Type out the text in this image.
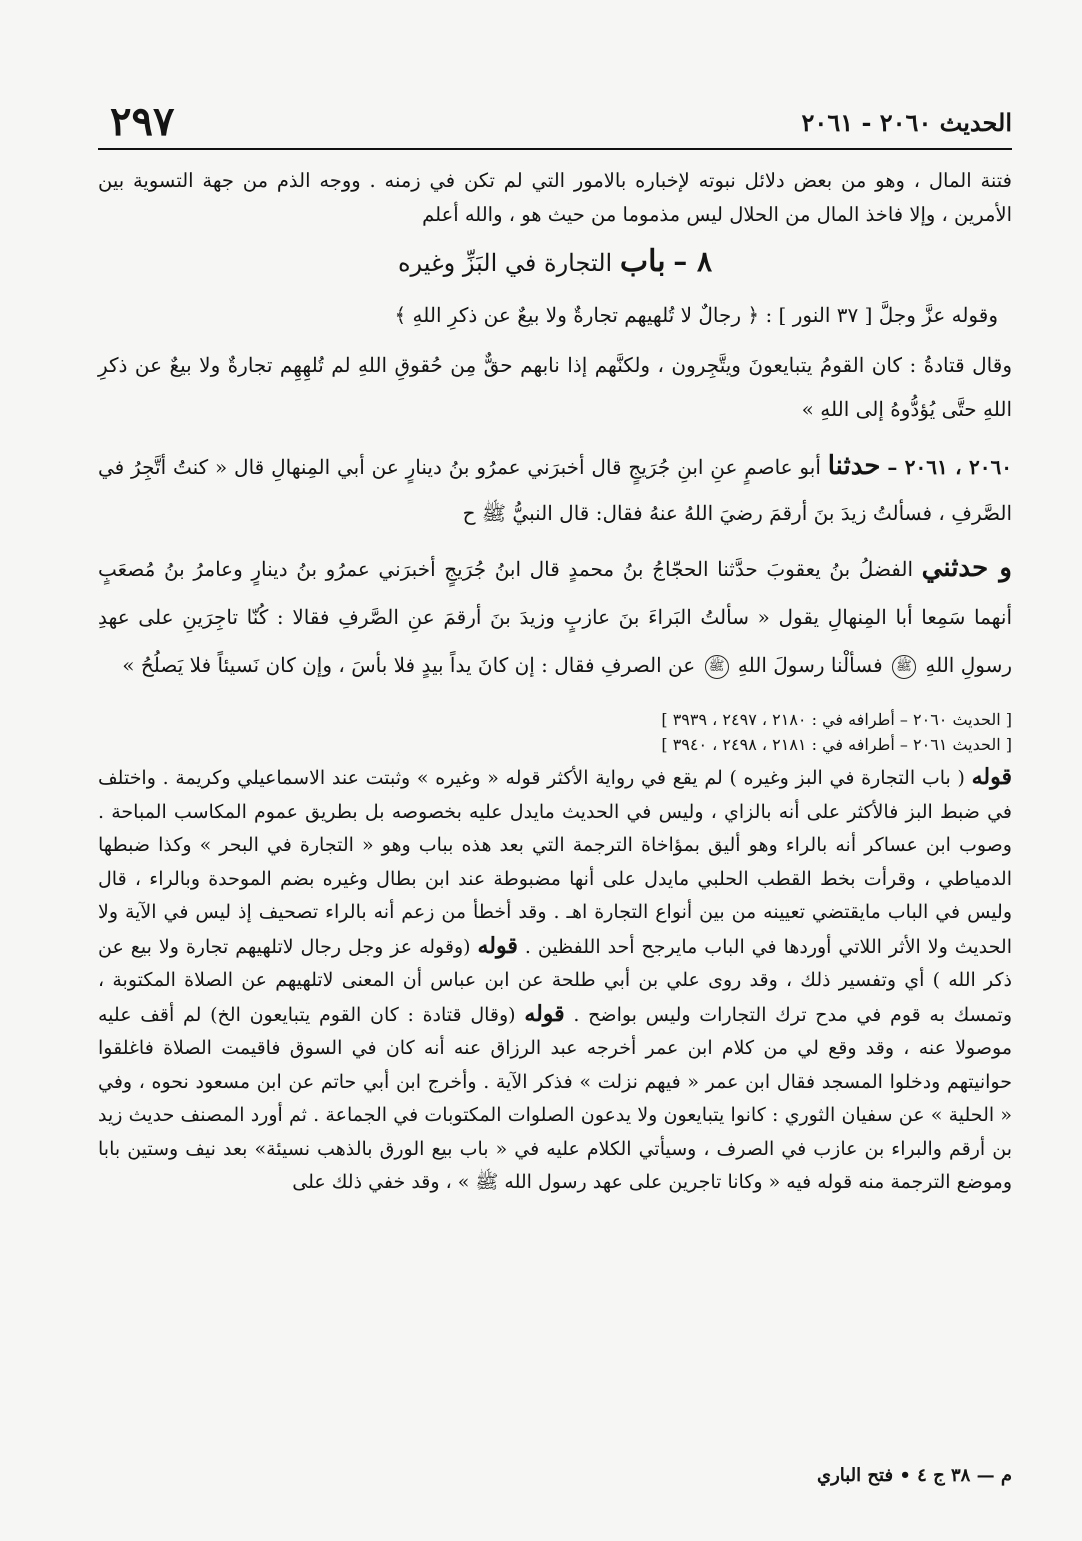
الحديث ٢٠٦٠ - ٢٠٦١
٢٩٧

فتنة المال ، وهو من بعض دلائل نبوته لإخباره بالامور التي لم تكن في زمنه . ووجه الذم من جهة التسوية بين الأمرين ، وإلا فاخذ المال من الحلال ليس مذموما من حيث هو ، والله أعلم

٨ – باب التجارة في البَزِّ وغيره

وقوله عزَّ وجلَّ [ ٣٧ النور ] : ﴿ رجالٌ لا تُلهيهم تجارةٌ ولا بيعٌ عن ذكرِ اللهِ ﴾

وقال قتادةُ : كان القومُ يتبايعونَ ويتَّجِرون ، ولكنَّهم إذا نابهم حقٌّ مِن حُقوقِ اللهِ لم تُلهِهِم تجارةٌ ولا بيعٌ عن ذكرِ اللهِ حتَّى يُؤدُّوهُ إلى اللهِ »

٢٠٦٠ ، ٢٠٦١ – حدثنا أبو عاصمٍ عنِ ابنِ جُرَيجٍ قال أخبرَني عمرُو بنُ دينارٍ عن أبي المِنهالِ قال « كنتُ أتَّجِرُ في الصَّرفِ ، فسألتُ زيدَ بنَ أرقمَ رضيَ اللهُ عنهُ فقال: قال النبيُّ ﷺ ح

و حدثني الفضلُ بنُ يعقوبَ حدَّثنا الحجّاجُ بنُ محمدٍ قال ابنُ جُرَيجٍ أخبرَني عمرُو بنُ دينارٍ وعامرُ بنُ مُصعَبٍ أنهما سَمِعا أبا المِنهالِ يقول « سألتُ البَراءَ بنَ عازبٍ وزيدَ بنَ أرقمَ عنِ الصَّرفِ فقالا : كُنّا تاجِرَينِ على عهدِ رسولِ اللهِ ﷺ فسألْنا رسولَ اللهِ ﷺ عن الصرفِ فقال : إن كانَ يداً بيدٍ فلا بأسَ ، وإن كان نَسيئاً فلا يَصلُحُ »

[ الحديث ٢٠٦٠ – أطرافه في : ٢١٨٠ ، ٢٤٩٧ ، ٣٩٣٩ ]
[ الحديث ٢٠٦١ – أطرافه في : ٢١٨١ ، ٢٤٩٨ ، ٣٩٤٠ ]

قوله ( باب التجارة في البز وغيره ) لم يقع في رواية الأكثر قوله « وغيره » وثبتت عند الاسماعيلي وكريمة . واختلف في ضبط البز فالأكثر على أنه بالزاي ، وليس في الحديث مايدل عليه بخصوصه بل بطريق عموم المكاسب المباحة . وصوب ابن عساكر أنه بالراء وهو أليق بمؤاخاة الترجمة التي بعد هذه بباب وهو « التجارة في البحر » وكذا ضبطها الدمياطي ، وقرأت بخط القطب الحلبي مايدل على أنها مضبوطة عند ابن بطال وغيره بضم الموحدة وبالراء ، قال وليس في الباب مايقتضي تعيينه من بين أنواع التجارة اهـ . وقد أخطأ من زعم أنه بالراء تصحيف إذ ليس في الآية ولا الحديث ولا الأثر اللاتي أوردها في الباب مايرجح أحد اللفظين . قوله (وقوله عز وجل رجال لاتلهيهم تجارة ولا بيع عن ذكر الله ) أي وتفسير ذلك ، وقد روى علي بن أبي طلحة عن ابن عباس أن المعنى لاتلهيهم عن الصلاة المكتوبة ، وتمسك به قوم في مدح ترك التجارات وليس بواضح . قوله (وقال قتادة : كان القوم يتبايعون الخ) لم أقف عليه موصولا عنه ، وقد وقع لي من كلام ابن عمر أخرجه عبد الرزاق عنه أنه كان في السوق فاقيمت الصلاة فاغلقوا حوانيتهم ودخلوا المسجد فقال ابن عمر « فيهم نزلت » فذكر الآية . وأخرج ابن أبي حاتم عن ابن مسعود نحوه ، وفي « الحلية » عن سفيان الثوري : كانوا يتبايعون ولا يدعون الصلوات المكتوبات في الجماعة . ثم أورد المصنف حديث زيد بن أرقم والبراء بن عازب في الصرف ، وسيأتي الكلام عليه في « باب بيع الورق بالذهب نسيئة» بعد نيف وستين بابا وموضع الترجمة منه قوله فيه « وكانا تاجرين على عهد رسول الله ﷺ » ، وقد خفي ذلك على

م — ٣٨ ج ٤ • فتح الباري
